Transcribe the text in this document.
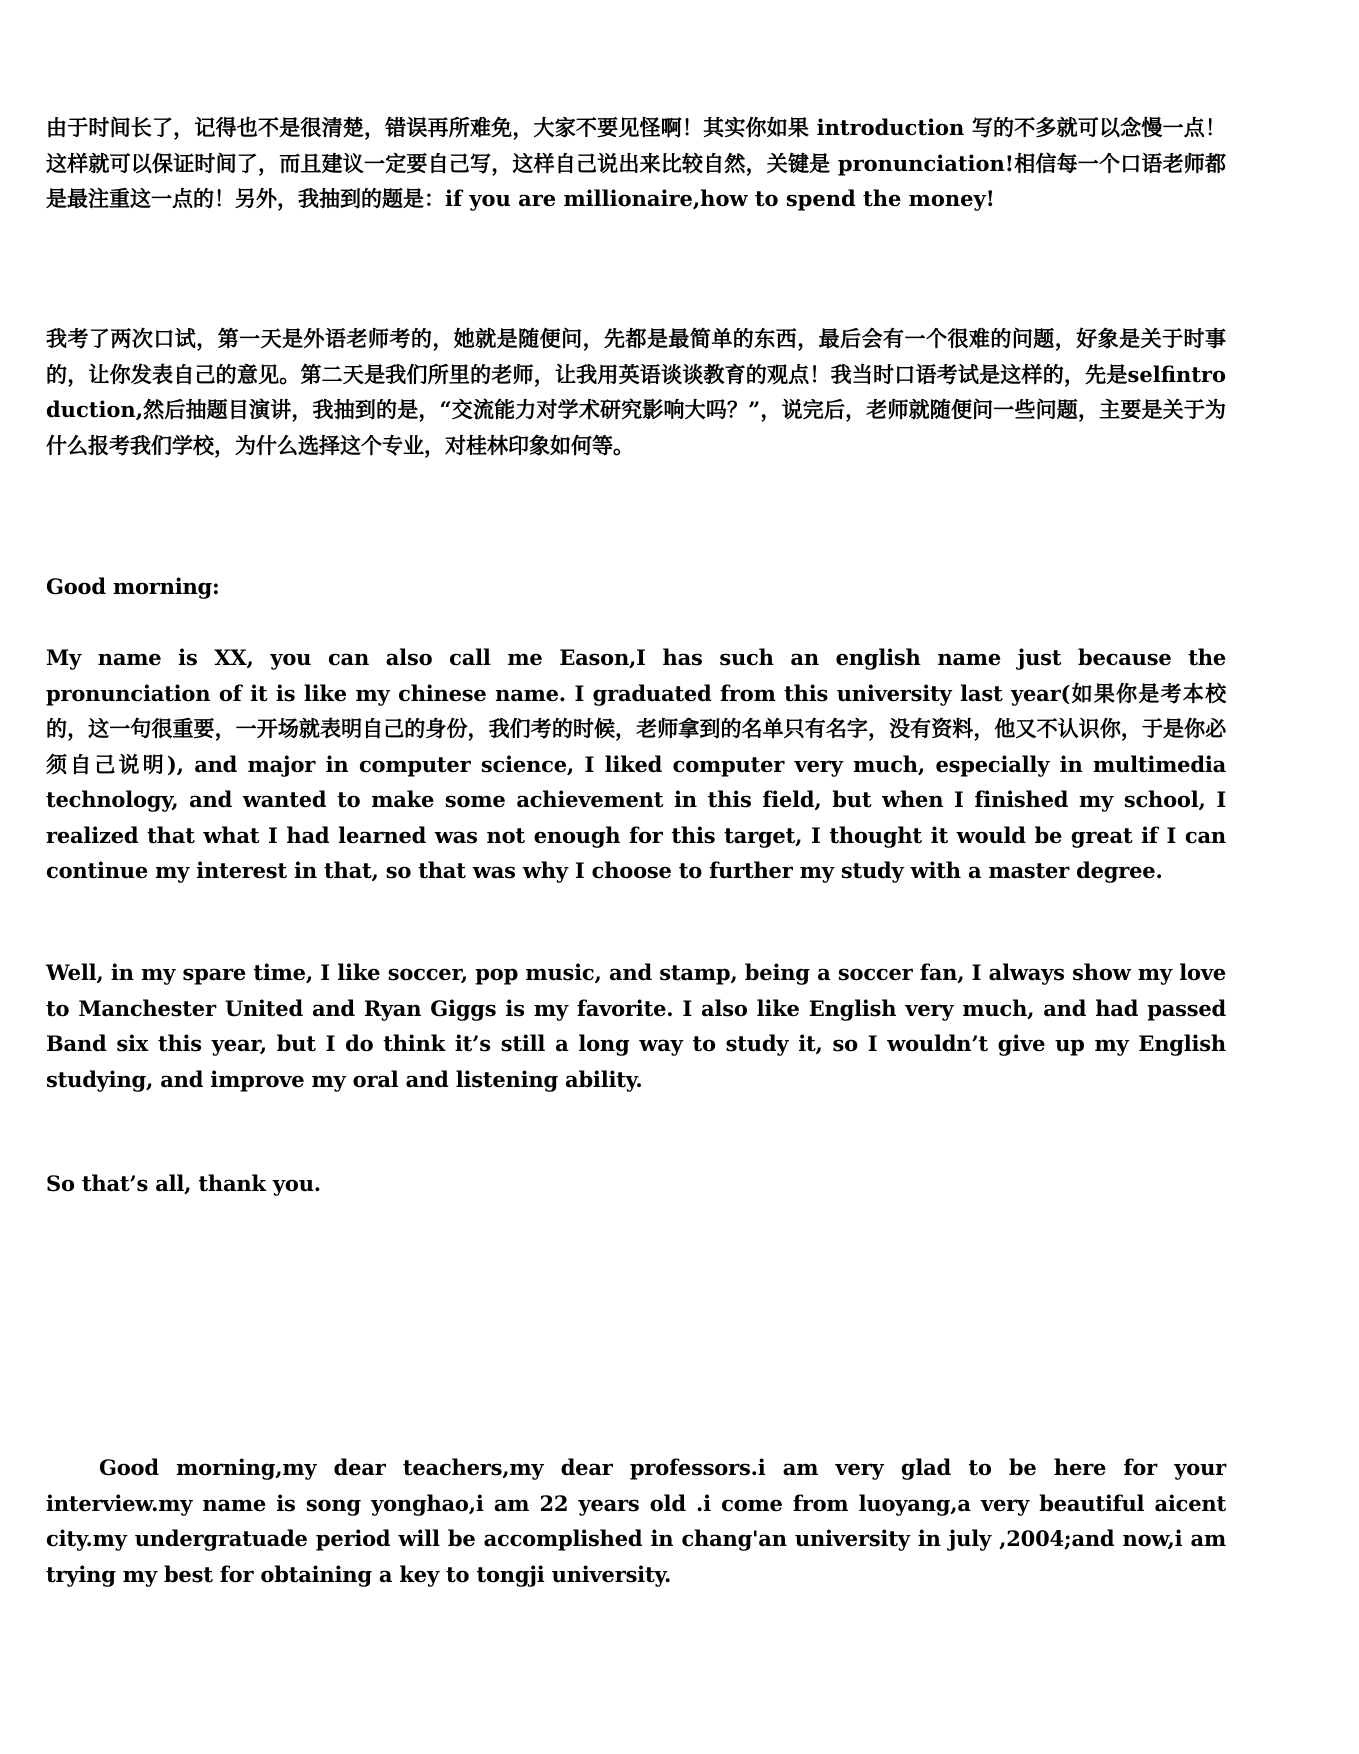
由于时间长了，记得也不是很清楚，错误再所难免，大家不要见怪啊！其实你如果 introduction 写的不多就可以念慢一点！这样就可以保证时间了，而且建议一定要自己写，这样自己说出来比较自然，关键是 pronunciation!相信每一个口语老师都是最注重这一点的！另外，我抽到的题是：if you are millionaire,how to spend the money!

我考了两次口试，第一天是外语老师考的，她就是随便问，先都是最简单的东西，最后会有一个很难的问题，好象是关于时事的，让你发表自己的意见。第二天是我们所里的老师，让我用英语谈谈教育的观点！我当时口语考试是这样的，先是selfintroduction,然后抽题目演讲，我抽到的是，“交流能力对学术研究影响大吗？”，说完后，老师就随便问一些问题，主要是关于为什么报考我们学校，为什么选择这个专业，对桂林印象如何等。

Good morning:

My name is XX, you can also call me Eason,I has such an english name just because the pronunciation of it is like my chinese name. I graduated from this university last year(如果你是考本校的，这一句很重要，一开场就表明自己的身份，我们考的时候，老师拿到的名单只有名字，没有资料，他又不认识你，于是你必须自己说明), and major in computer science, I liked computer very much, especially in multimedia technology, and wanted to make some achievement in this field, but when I finished my school, I realized that what I had learned was not enough for this target, I thought it would be great if I can continue my interest in that, so that was why I choose to further my study with a master degree.

Well, in my spare time, I like soccer, pop music, and stamp, being a soccer fan, I always show my love to Manchester United and Ryan Giggs is my favorite. I also like English very much, and had passed Band six this year, but I do think it’s still a long way to study it, so I wouldn’t give up my English studying, and improve my oral and listening ability.

So that’s all, thank you.

Good morning,my dear teachers,my dear professors.i am very glad to be here for your interview.my name is song yonghao,i am 22 years old .i come from luoyang,a very beautiful aicent city.my undergratuade period will be accomplished in chang'an university in july ,2004;and now,i am trying my best for obtaining a key to tongji university.
